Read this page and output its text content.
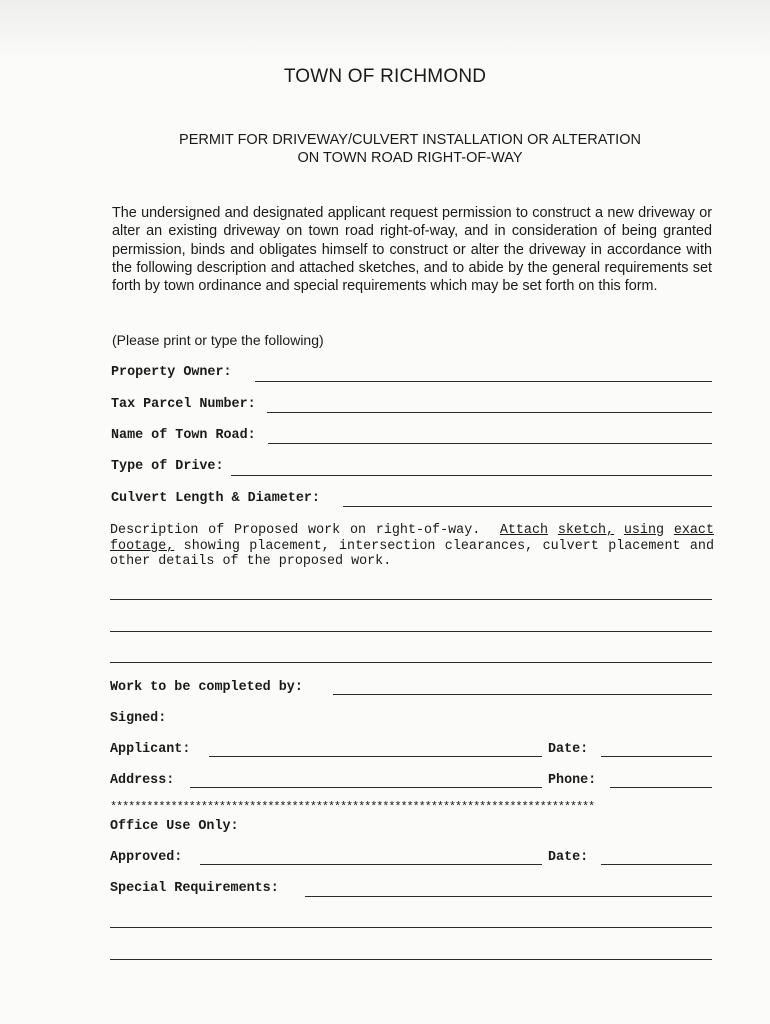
TOWN OF RICHMOND
PERMIT FOR DRIVEWAY/CULVERT INSTALLATION OR ALTERATION
ON TOWN ROAD RIGHT-OF-WAY
The undersigned and designated applicant request permission to construct a new driveway or alter an existing driveway on town road right-of-way, and in consideration of being granted permission, binds and obligates himself to construct or alter the driveway in accordance with the following description and attached sketches, and to abide by the general requirements set forth by town ordinance and special requirements which may be set forth on this form.
(Please print or type the following)
Property Owner:
Tax Parcel Number:
Name of Town Road:
Type of Drive:
Culvert Length & Diameter:
Description of Proposed work on right-of-way. Attach sketch, using exact footage, showing placement, intersection clearances, culvert placement and other details of the proposed work.
Work to be completed by:
Signed:
Applicant:	Date:
Address:	Phone:
********************************************************************************
Office Use Only:
Approved:	Date:
Special Requirements:
